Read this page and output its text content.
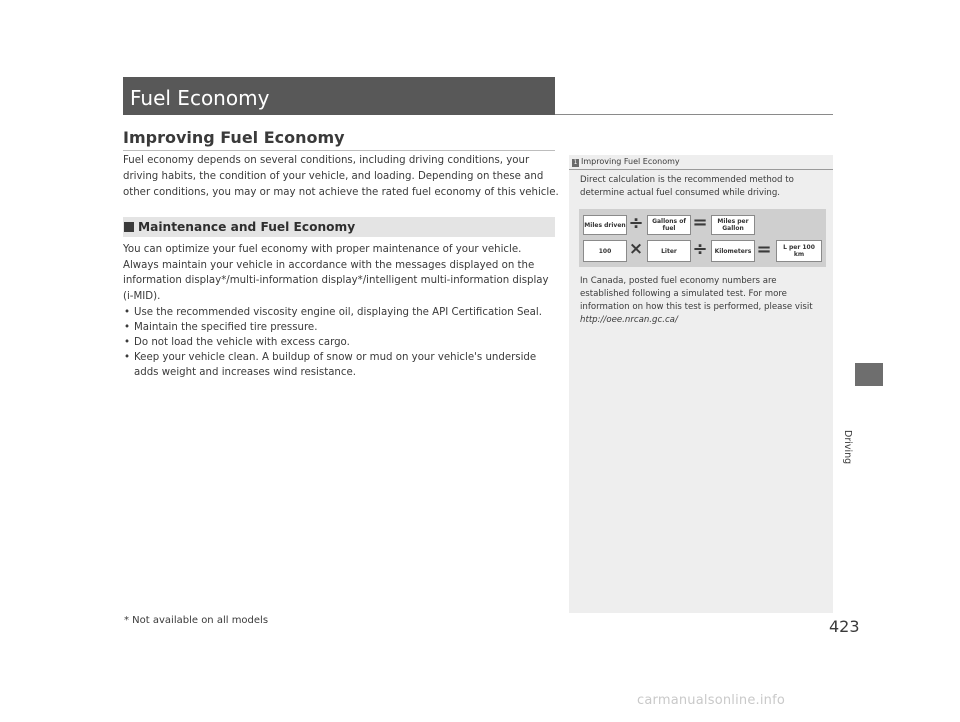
Fuel Economy
Improving Fuel Economy
Fuel economy depends on several conditions, including driving conditions, your
driving habits, the condition of your vehicle, and loading. Depending on these and
other conditions, you may or may not achieve the rated fuel economy of this vehicle.
Maintenance and Fuel Economy
You can optimize your fuel economy with proper maintenance of your vehicle.
Always maintain your vehicle in accordance with the messages displayed on the
information display*/multi-information display*/intelligent multi-information display
(i-MID).
• Use the recommended viscosity engine oil, displaying the API Certification Seal.
• Maintain the specified tire pressure.
• Do not load the vehicle with excess cargo.
• Keep your vehicle clean. A buildup of snow or mud on your vehicle's underside
adds weight and increases wind resistance.
1 Improving Fuel Economy
Direct calculation is the recommended method to
determine actual fuel consumed while driving.
Miles driven ÷	Gallons of fuel =	Miles per Gallon
100	×	Liter ÷	Kilometers =	L per 100 km
In Canada, posted fuel economy numbers are
established following a simulated test. For more
information on how this test is performed, please visit
http://oee.nrcan.gc.ca/
Driving
* Not available on all models	423
carmanualsonline.info
